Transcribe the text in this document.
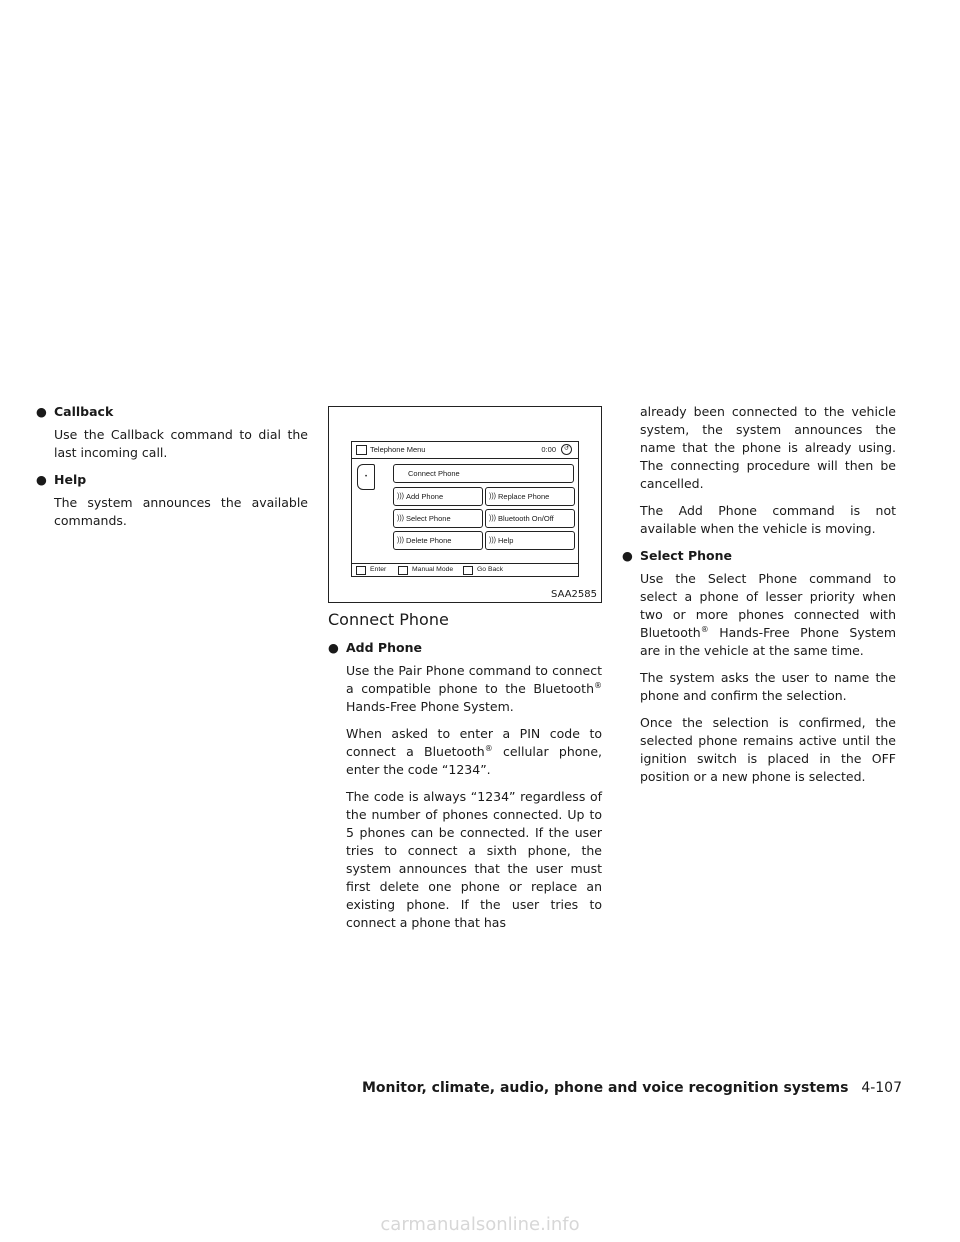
● Callback

Use the Callback command to dial the last incoming call.

● Help

The system announces the available commands.

Telephone Menu	0:00	↺
•	Connect Phone
))) Add Phone	))) Replace Phone
))) Select Phone	))) Bluetooth On/Off
))) Delete Phone	))) Help
Enter	Manual Mode	Go Back
SAA2585
Connect Phone
● Add Phone

Use the Pair Phone command to connect a compatible phone to the Bluetooth® Hands-Free Phone System.

When asked to enter a PIN code to connect a Bluetooth® cellular phone, enter the code “1234”.

The code is always “1234” regardless of the number of phones connected. Up to 5 phones can be connected. If the user tries to connect a sixth phone, the system announces that the user must first delete one phone or replace an existing phone. If the user tries to connect a phone that has

already been connected to the vehicle system, the system announces the name that the phone is already using. The connecting procedure will then be cancelled.

The Add Phone command is not available when the vehicle is moving.

● Select Phone

Use the Select Phone command to select a phone of lesser priority when two or more phones connected with Bluetooth® Hands-Free Phone System are in the vehicle at the same time.

The system asks the user to name the phone and confirm the selection.

Once the selection is confirmed, the selected phone remains active until the ignition switch is placed in the OFF position or a new phone is selected.

Monitor, climate, audio, phone and voice recognition systems 4-107
carmanualsonline.info
